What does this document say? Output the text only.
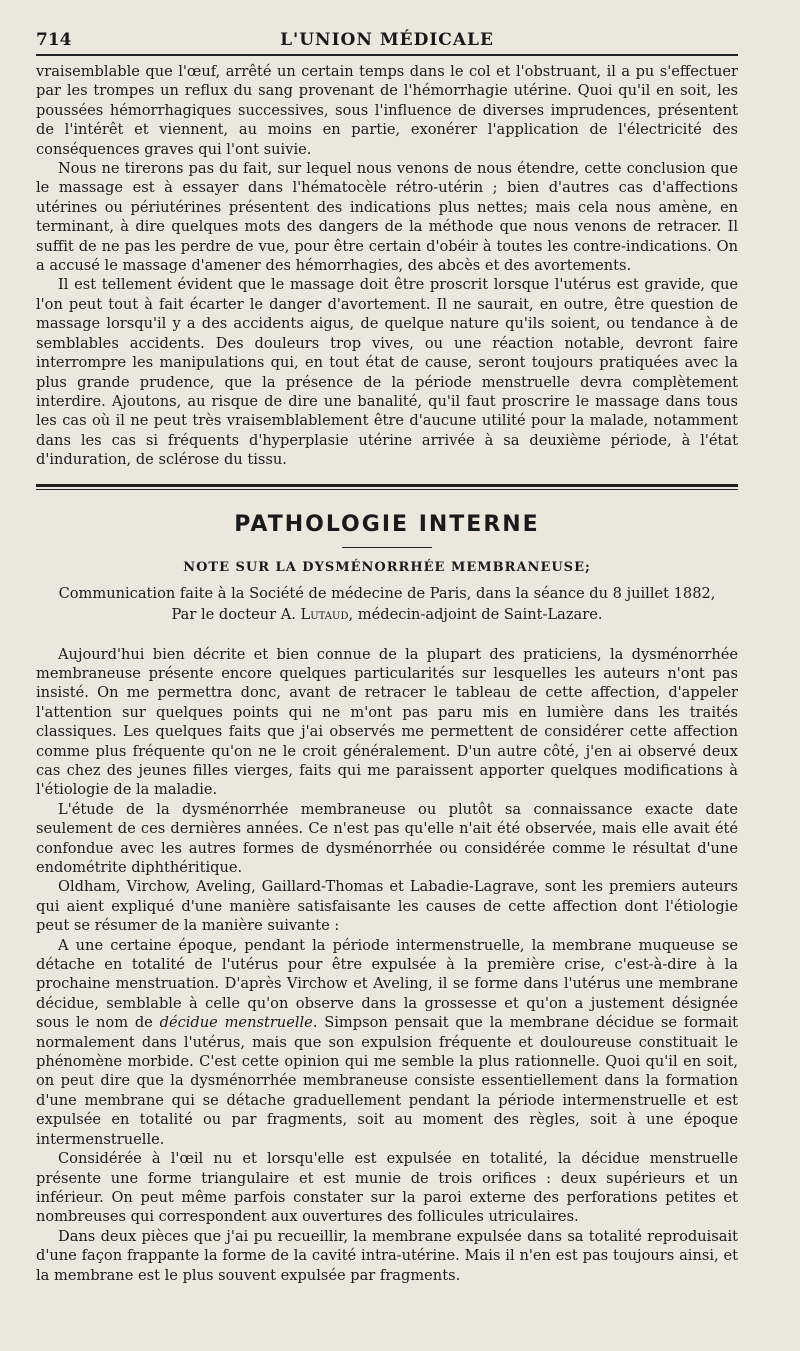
714	L'UNION MÉDICALE

vraisemblable que l'œuf, arrêté un certain temps dans le col et l'obstruant, il a pu s'effectuer par les trompes un reflux du sang provenant de l'hémorrhagie utérine. Quoi qu'il en soit, les poussées hémorrhagiques successives, sous l'influence de diverses imprudences, présentent de l'intérêt et viennent, au moins en partie, exonérer l'application de l'électricité des conséquences graves qui l'ont suivie.

Nous ne tirerons pas du fait, sur lequel nous venons de nous étendre, cette conclusion que le massage est à essayer dans l'hématocèle rétro-utérin ; bien d'autres cas d'affections utérines ou périutérines présentent des indications plus nettes; mais cela nous amène, en terminant, à dire quelques mots des dangers de la méthode que nous venons de retracer. Il suffit de ne pas les perdre de vue, pour être certain d'obéir à toutes les contre-indications. On a accusé le massage d'amener des hémorrhagies, des abcès et des avortements.

Il est tellement évident que le massage doit être proscrit lorsque l'utérus est gravide, que l'on peut tout à fait écarter le danger d'avortement. Il ne saurait, en outre, être question de massage lorsqu'il y a des accidents aigus, de quelque nature qu'ils soient, ou tendance à de semblables accidents. Des douleurs trop vives, ou une réaction notable, devront faire interrompre les manipulations qui, en tout état de cause, seront toujours pratiquées avec la plus grande prudence, que la présence de la période menstruelle devra complètement interdire. Ajoutons, au risque de dire une banalité, qu'il faut proscrire le massage dans tous les cas où il ne peut très vraisemblablement être d'aucune utilité pour la malade, notamment dans les cas si fréquents d'hyperplasie utérine arrivée à sa deuxième période, à l'état d'induration, de sclérose du tissu.

PATHOLOGIE INTERNE
NOTE SUR LA DYSMÉNORRHÉE MEMBRANEUSE;
Communication faite à la Société de médecine de Paris, dans la séance du 8 juillet 1882,
Par le docteur A. Lutaud, médecin-adjoint de Saint-Lazare.

Aujourd'hui bien décrite et bien connue de la plupart des praticiens, la dysménorrhée membraneuse présente encore quelques particularités sur lesquelles les auteurs n'ont pas insisté. On me permettra donc, avant de retracer le tableau de cette affection, d'appeler l'attention sur quelques points qui ne m'ont pas paru mis en lumière dans les traités classiques. Les quelques faits que j'ai observés me permettent de considérer cette affection comme plus fréquente qu'on ne le croit généralement. D'un autre côté, j'en ai observé deux cas chez des jeunes filles vierges, faits qui me paraissent apporter quelques modifications à l'étiologie de la maladie.

L'étude de la dysménorrhée membraneuse ou plutôt sa connaissance exacte date seulement de ces dernières années. Ce n'est pas qu'elle n'ait été observée, mais elle avait été confondue avec les autres formes de dysménorrhée ou considérée comme le résultat d'une endométrite diphthéritique.

Oldham, Virchow, Aveling, Gaillard-Thomas et Labadie-Lagrave, sont les premiers auteurs qui aient expliqué d'une manière satisfaisante les causes de cette affection dont l'étiologie peut se résumer de la manière suivante :

A une certaine époque, pendant la période intermenstruelle, la membrane muqueuse se détache en totalité de l'utérus pour être expulsée à la première crise, c'est-à-dire à la prochaine menstruation. D'après Virchow et Aveling, il se forme dans l'utérus une membrane décidue, semblable à celle qu'on observe dans la grossesse et qu'on a justement désignée sous le nom de décidue menstruelle. Simpson pensait que la membrane décidue se formait normalement dans l'utérus, mais que son expulsion fréquente et douloureuse constituait le phénomène morbide. C'est cette opinion qui me semble la plus rationnelle. Quoi qu'il en soit, on peut dire que la dysménorrhée membraneuse consiste essentiellement dans la formation d'une membrane qui se détache graduellement pendant la période intermenstruelle et est expulsée en totalité ou par fragments, soit au moment des règles, soit à une époque intermenstruelle.

Considérée à l'œil nu et lorsqu'elle est expulsée en totalité, la décidue menstruelle présente une forme triangulaire et est munie de trois orifices : deux supérieurs et un inférieur. On peut même parfois constater sur la paroi externe des perforations petites et nombreuses qui correspondent aux ouvertures des follicules utriculaires.

Dans deux pièces que j'ai pu recueillir, la membrane expulsée dans sa totalité reproduisait d'une façon frappante la forme de la cavité intra-utérine. Mais il n'en est pas toujours ainsi, et la membrane est le plus souvent expulsée par fragments.
